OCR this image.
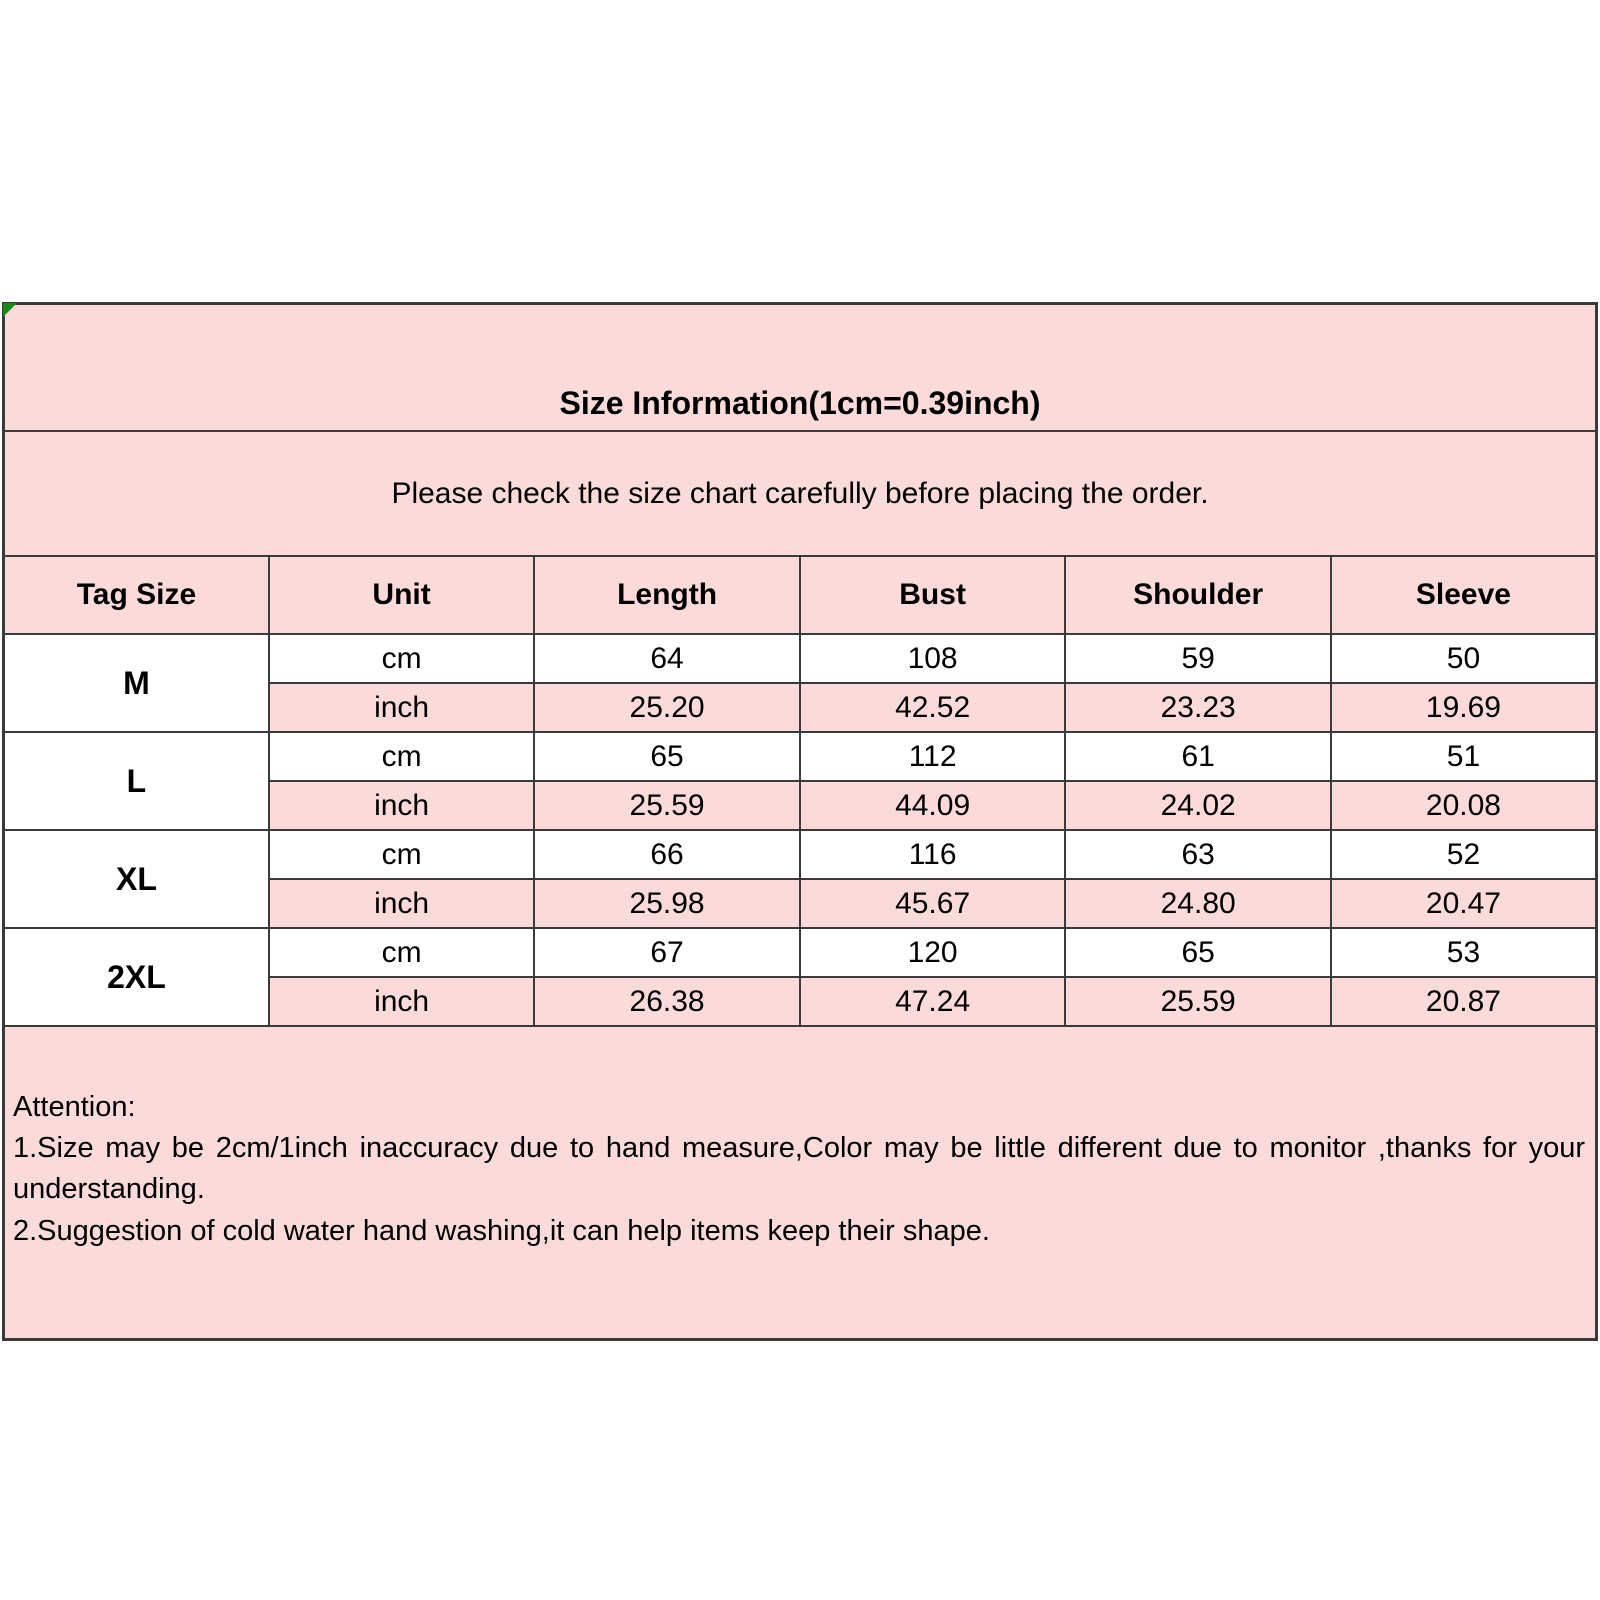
Size Information(1cm=0.39inch)					
Please check the size chart carefully before placing the order.					
Tag Size	Unit	Length	Bust	Shoulder	Sleeve
M	cm	64	108	59	50
	inch	25.20	42.52	23.23	19.69
L	cm	65	112	61	51
	inch	25.59	44.09	24.02	20.08
XL	cm	66	116	63	52
	inch	25.98	45.67	24.80	20.47
2XL	cm	67	120	65	53
	inch	26.38	47.24	25.59	20.87

Attention:
1.Size may be 2cm/1inch inaccuracy due to hand measure,Color may be little different due to monitor ,thanks for your understanding.
2.Suggestion of cold water hand washing,it can help items keep their shape.					
